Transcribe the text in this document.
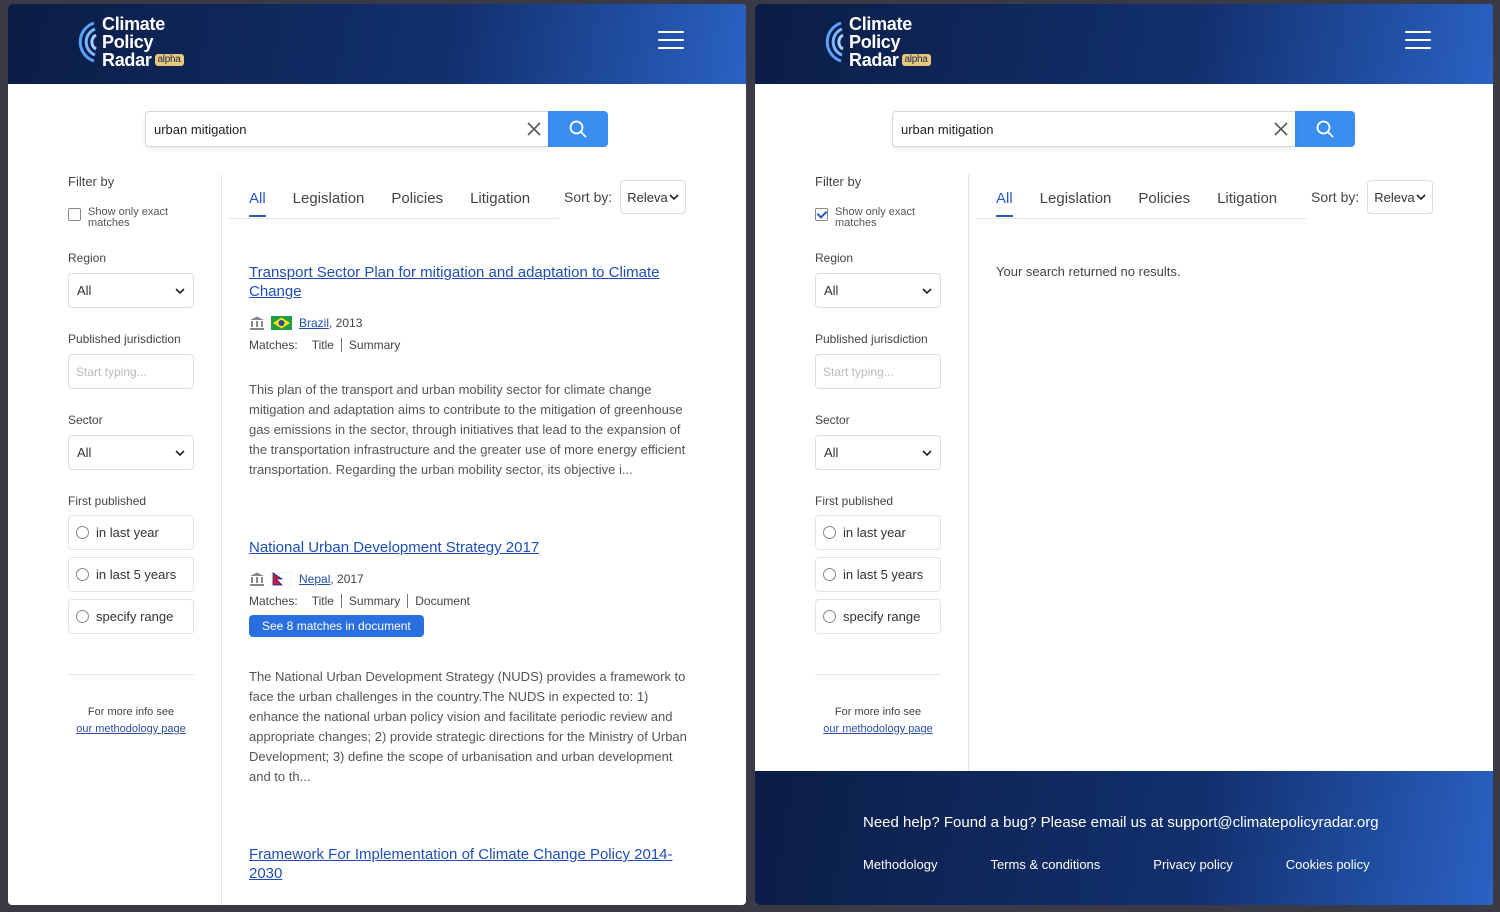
Climate
Policy
Radar alpha
urban mitigation
Filter by
Show only exact matches
Region
All
Published jurisdiction
Start typing...
Sector
All
First published
in last year
in last 5 years
specify range
For more info see
our methodology page
All Legislation Policies Litigation Sort by: Releva
Transport Sector Plan for mitigation and adaptation to Climate Change
Brazil , 2013
Matches:	Title	Summary
This plan of the transport and urban mobility sector for climate change mitigation and adaptation aims to contribute to the mitigation of greenhouse gas emissions in the sector, through initiatives that lead to the expansion of the transportation infrastructure and the greater use of more energy efficient transportation. Regarding the urban mobility sector, its objective i...
National Urban Development Strategy 2017
Nepal , 2017
Matches:	Title	Summary	Document
See 8 matches in document
The National Urban Development Strategy (NUDS) provides a framework to face the urban challenges in the country.The NUDS in expected to: 1) enhance the national urban policy vision and facilitate periodic review and appropriate changes; 2) provide strategic directions for the Ministry of Urban Development; 3) define the scope of urbanisation and urban development and to th...
Framework For Implementation of Climate Change Policy 2014-2030
Climate
Policy
Radar alpha
urban mitigation
Filter by
Show only exact matches
Region
All
Published jurisdiction
Start typing...
Sector
All
First published
in last year
in last 5 years
specify range
For more info see
our methodology page
All Legislation Policies Litigation Sort by: Releva
Your search returned no results.
Need help? Found a bug? Please email us at support@climatepolicyradar.org
Methodology	Terms & conditions	Privacy policy	Cookies policy
